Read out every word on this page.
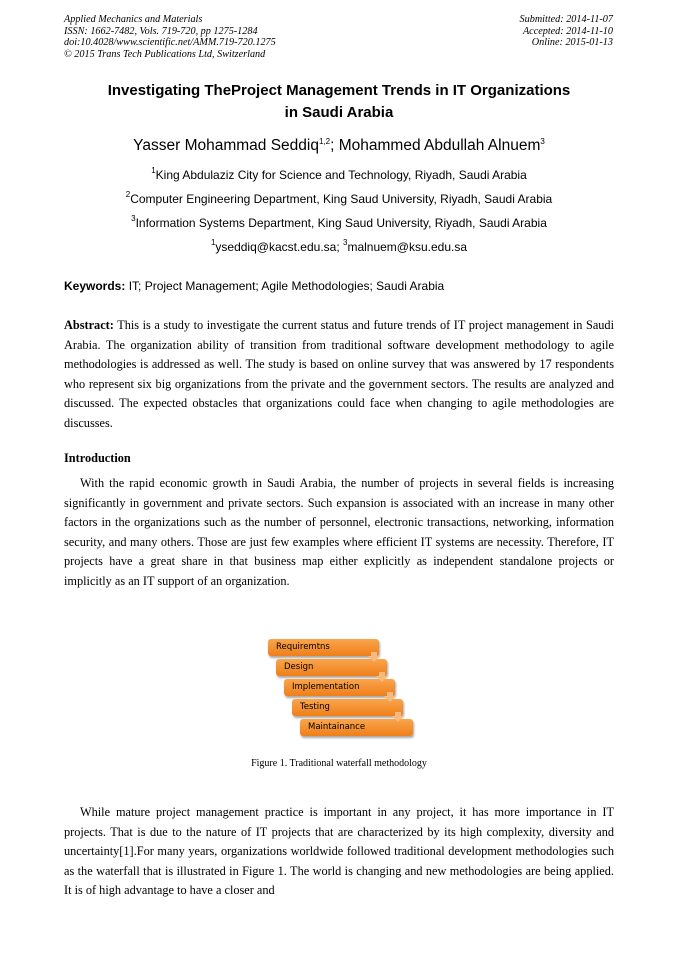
Applied Mechanics and Materials
ISSN: 1662-7482, Vols. 719-720, pp 1275-1284
doi:10.4028/www.scientific.net/AMM.719-720.1275
© 2015 Trans Tech Publications Ltd, Switzerland
Submitted: 2014-11-07
Accepted: 2014-11-10
Online: 2015-01-13
Investigating TheProject Management Trends in IT Organizations
in Saudi Arabia
Yasser Mohammad Seddiq$^{1,2}$; Mohammed Abdullah Alnuem$^3$
$^1$King Abdulaziz City for Science and Technology, Riyadh, Saudi Arabia
$^2$Computer Engineering Department, King Saud University, Riyadh, Saudi Arabia
$^3$Information Systems Department, King Saud University, Riyadh, Saudi Arabia
$^1$yseddiq@kacst.edu.sa; $^3$malnuem@ksu.edu.sa
Keywords: IT; Project Management; Agile Methodologies; Saudi Arabia
Abstract: This is a study to investigate the current status and future trends of IT project management in Saudi Arabia. The organization ability of transition from traditional software development methodology to agile methodologies is addressed as well. The study is based on online survey that was answered by 17 respondents who represent six big organizations from the private and the government sectors. The results are analyzed and discussed. The expected obstacles that organizations could face when changing to agile methodologies are discusses.
Introduction

With the rapid economic growth in Saudi Arabia, the number of projects in several fields is increasing significantly in government and private sectors. Such expansion is associated with an increase in many other factors in the organizations such as the number of personnel, electronic transactions, networking, information security, and many others. Those are just few examples where efficient IT systems are necessity. Therefore, IT projects have a great share in that business map either explicitly as independent standalone projects or implicitly as an IT support of an organization.

Requiremtns
Design
Implementation
Testing
Maintainance
Figure 1. Traditional waterfall methodology

While mature project management practice is important in any project, it has more importance in IT projects. That is due to the nature of IT projects that are characterized by its high complexity, diversity and uncertainty[1].For many years, organizations worldwide followed traditional development methodologies such as the waterfall that is illustrated in Figure 1. The world is changing and new methodologies are being applied. It is of high advantage to have a closer and
